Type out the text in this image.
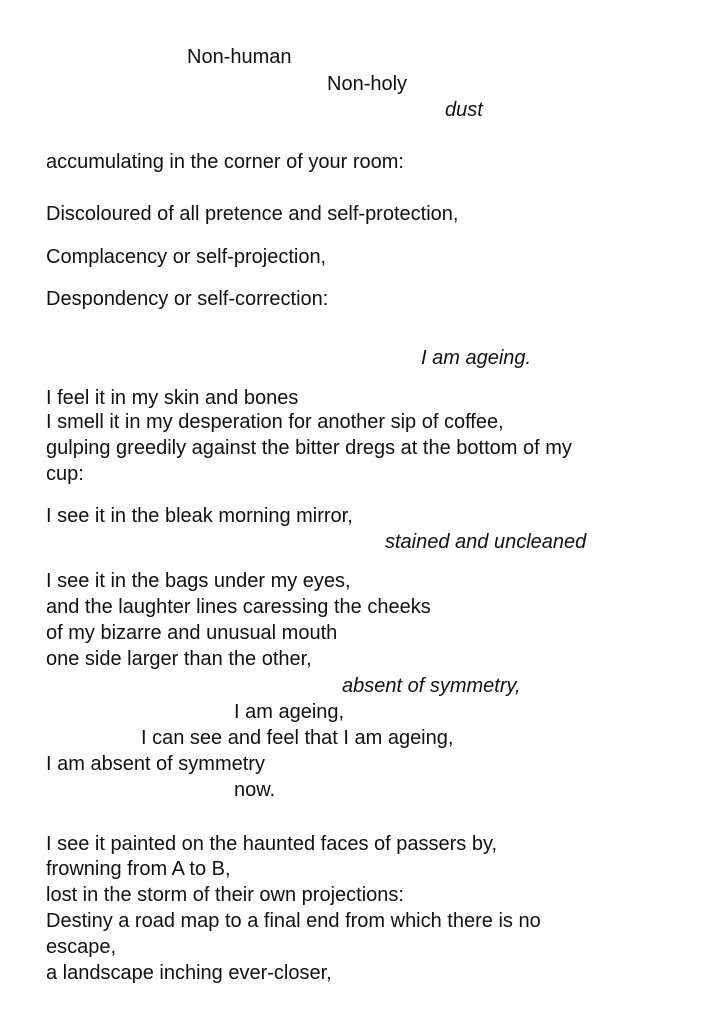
Non-human
Non-holy
dust
accumulating in the corner of your room:
Discoloured of all pretence and self-protection,
Complacency or self-projection,
Despondency or self-correction:
I am ageing.
I feel it in my skin and bones
I smell it in my desperation for another sip of coffee,
gulping greedily against the bitter dregs at the bottom of my
cup:
I see it in the bleak morning mirror,
stained and uncleaned
I see it in the bags under my eyes,
and the laughter lines caressing the cheeks
of my bizarre and unusual mouth
one side larger than the other,
absent of symmetry,
I am ageing,
I can see and feel that I am ageing,
I am absent of symmetry
now.
I see it painted on the haunted faces of passers by,
frowning from A to B,
lost in the storm of their own projections:
Destiny a road map to a final end from which there is no
escape,
a landscape inching ever-closer,
